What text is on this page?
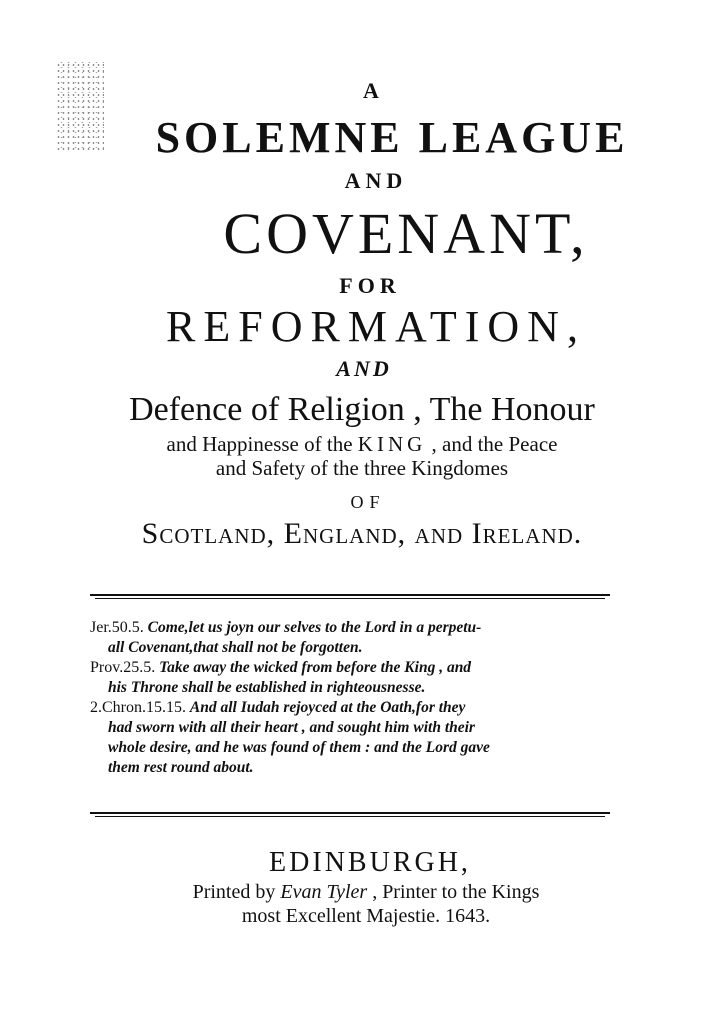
A
SOLEMNE LEAGUE
AND
COVENANT,
FOR
REFORMATION,
AND
Defence of Religion , The Honour
and Happinesse of the KING , and the Peace
and Safety of the three Kingdomes
OF
Scotland, England, and Ireland.

Jer.50.5. Come,let us joyn our selves to the Lord in a perpetu-

all Covenant,that shall not be forgotten.

Prov.25.5. Take away the wicked from before the King , and

his Throne shall be established in righteousnesse.

2.Chron.15.15. And all Iudah rejoyced at the Oath,for they

had sworn with all their heart , and sought him with their

whole desire, and he was found of them : and the Lord gave

them rest round about.

EDINBURGH,
Printed by Evan Tyler , Printer to the Kings
most Excellent Majestie. 1643.
